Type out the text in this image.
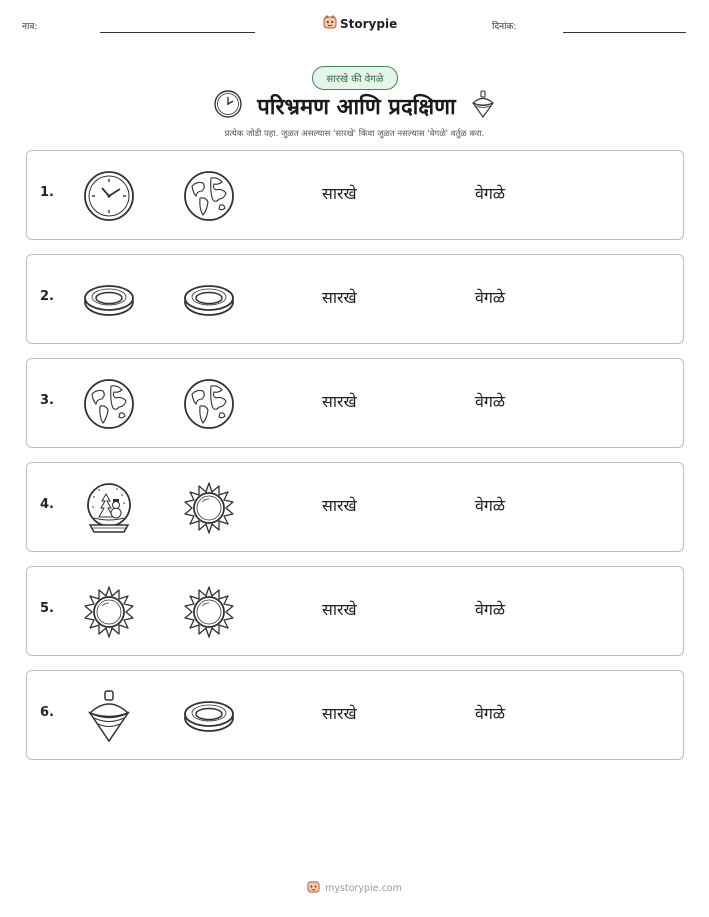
नाव:	Storypie	दिनांक:
सारखे की वेगळे
परिभ्रमण आणि प्रदक्षिणा
प्रत्येक जोडी पहा. जुळत असल्यास 'सारखे' किंवा जुळत नसल्यास 'वेगळे' वर्तुळ करा.
1.	सारखे	वेगळे
2.	सारखे	वेगळे
3.	सारखे	वेगळे
4.	सारखे	वेगळे
5.	सारखे	वेगळे
6.	सारखे	वेगळे
mystorypie.com
